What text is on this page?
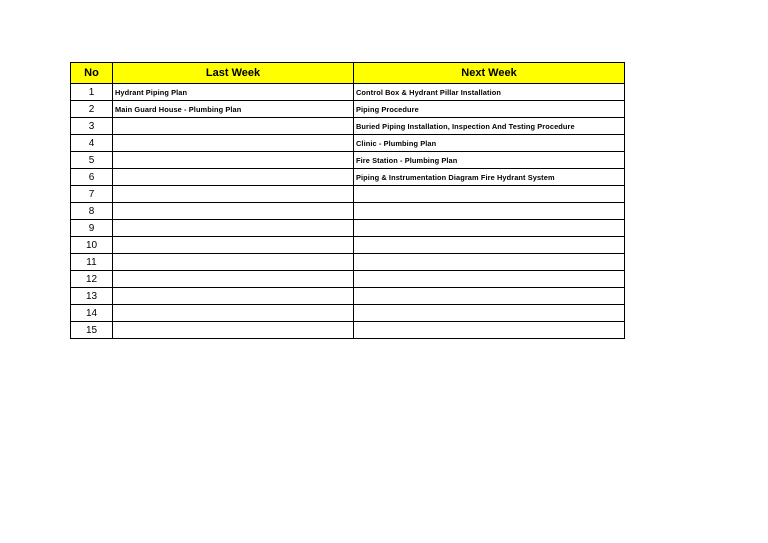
No	Last Week	Next Week
1	Hydrant Piping Plan	Control Box & Hydrant Pillar Installation
2	Main Guard House - Plumbing Plan	Piping Procedure
3		Buried Piping Installation, Inspection And Testing Procedure
4		Clinic - Plumbing Plan
5		Fire Station - Plumbing Plan
6		Piping & Instrumentation Diagram Fire Hydrant System
7		
8		
9		
10		
11		
12		
13		
14		
15		
